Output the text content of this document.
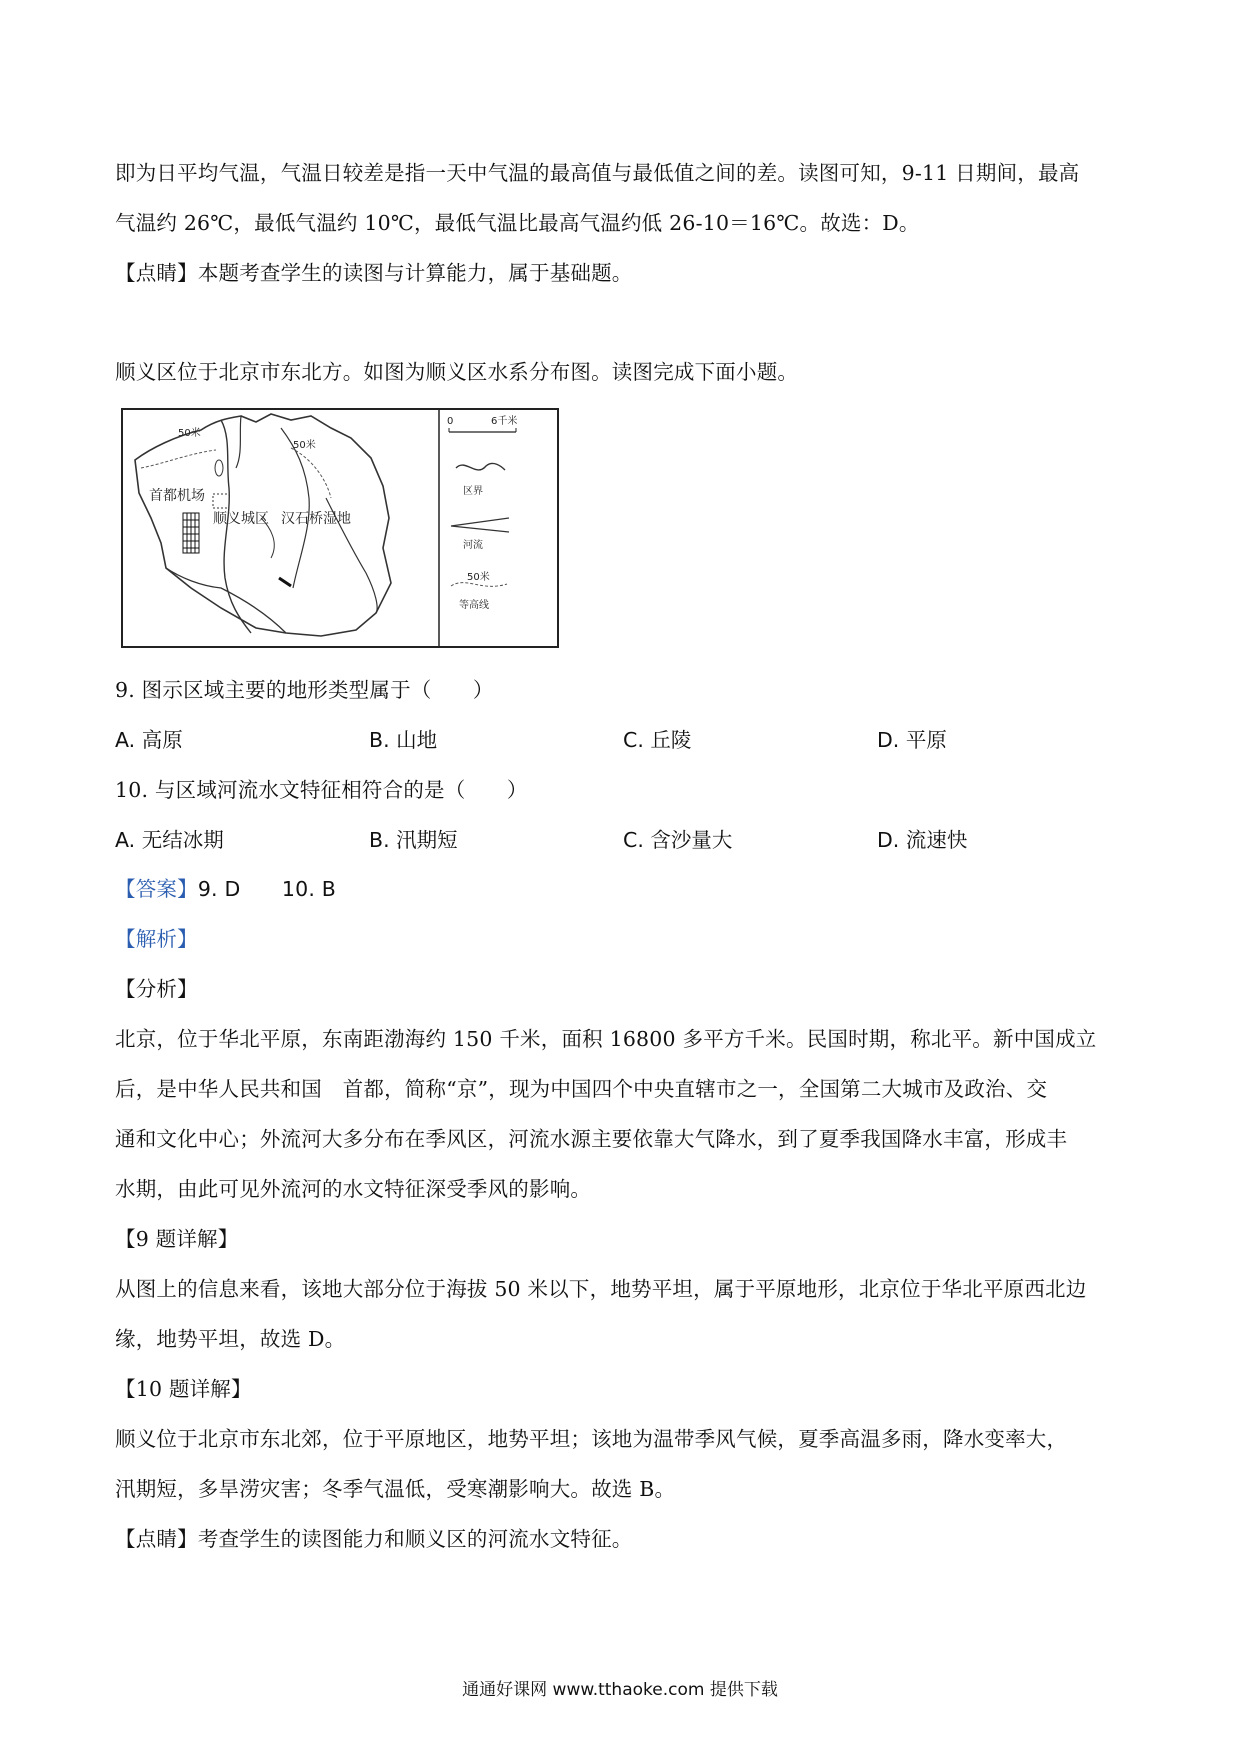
即为日平均气温，气温日较差是指一天中气温的最高值与最低值之间的差。读图可知，9-11 日期间，最高
气温约 26℃，最低气温约 10℃，最低气温比最高气温约低 26-10＝16℃。故选：D。
【点睛】本题考查学生的读图与计算能力，属于基础题。
顺义区位于北京市东北方。如图为顺义区水系分布图。读图完成下面小题。
首都机场
顺义城区 汉石桥湿地
50米
50米
0	6千米
区界
河流
50米
等高线
9. 图示区域主要的地形类型属于（　　）
A. 高原	B. 山地	C. 丘陵	D. 平原
10. 与区域河流水文特征相符合的是（　　）
A. 无结冰期	B. 汛期短	C. 含沙量大	D. 流速快
【答案】9. D　　10. B
【解析】
【分析】
北京，位于华北平原，东南距渤海约 150 千米，面积 16800 多平方千米。民国时期，称北平。新中国成立
后，是中华人民共和国　首都，简称“京”，现为中国四个中央直辖市之一，全国第二大城市及政治、交
通和文化中心；外流河大多分布在季风区，河流水源主要依靠大气降水，到了夏季我国降水丰富，形成丰
水期，由此可见外流河的水文特征深受季风的影响。
【9 题详解】
从图上的信息来看，该地大部分位于海拔 50 米以下，地势平坦，属于平原地形，北京位于华北平原西北边
缘，地势平坦，故选 D。
【10 题详解】
顺义位于北京市东北郊，位于平原地区，地势平坦；该地为温带季风气候，夏季高温多雨，降水变率大，
汛期短，多旱涝灾害；冬季气温低，受寒潮影响大。故选 B。
【点睛】考查学生的读图能力和顺义区的河流水文特征。
通通好课网 www.tthaoke.com 提供下载
